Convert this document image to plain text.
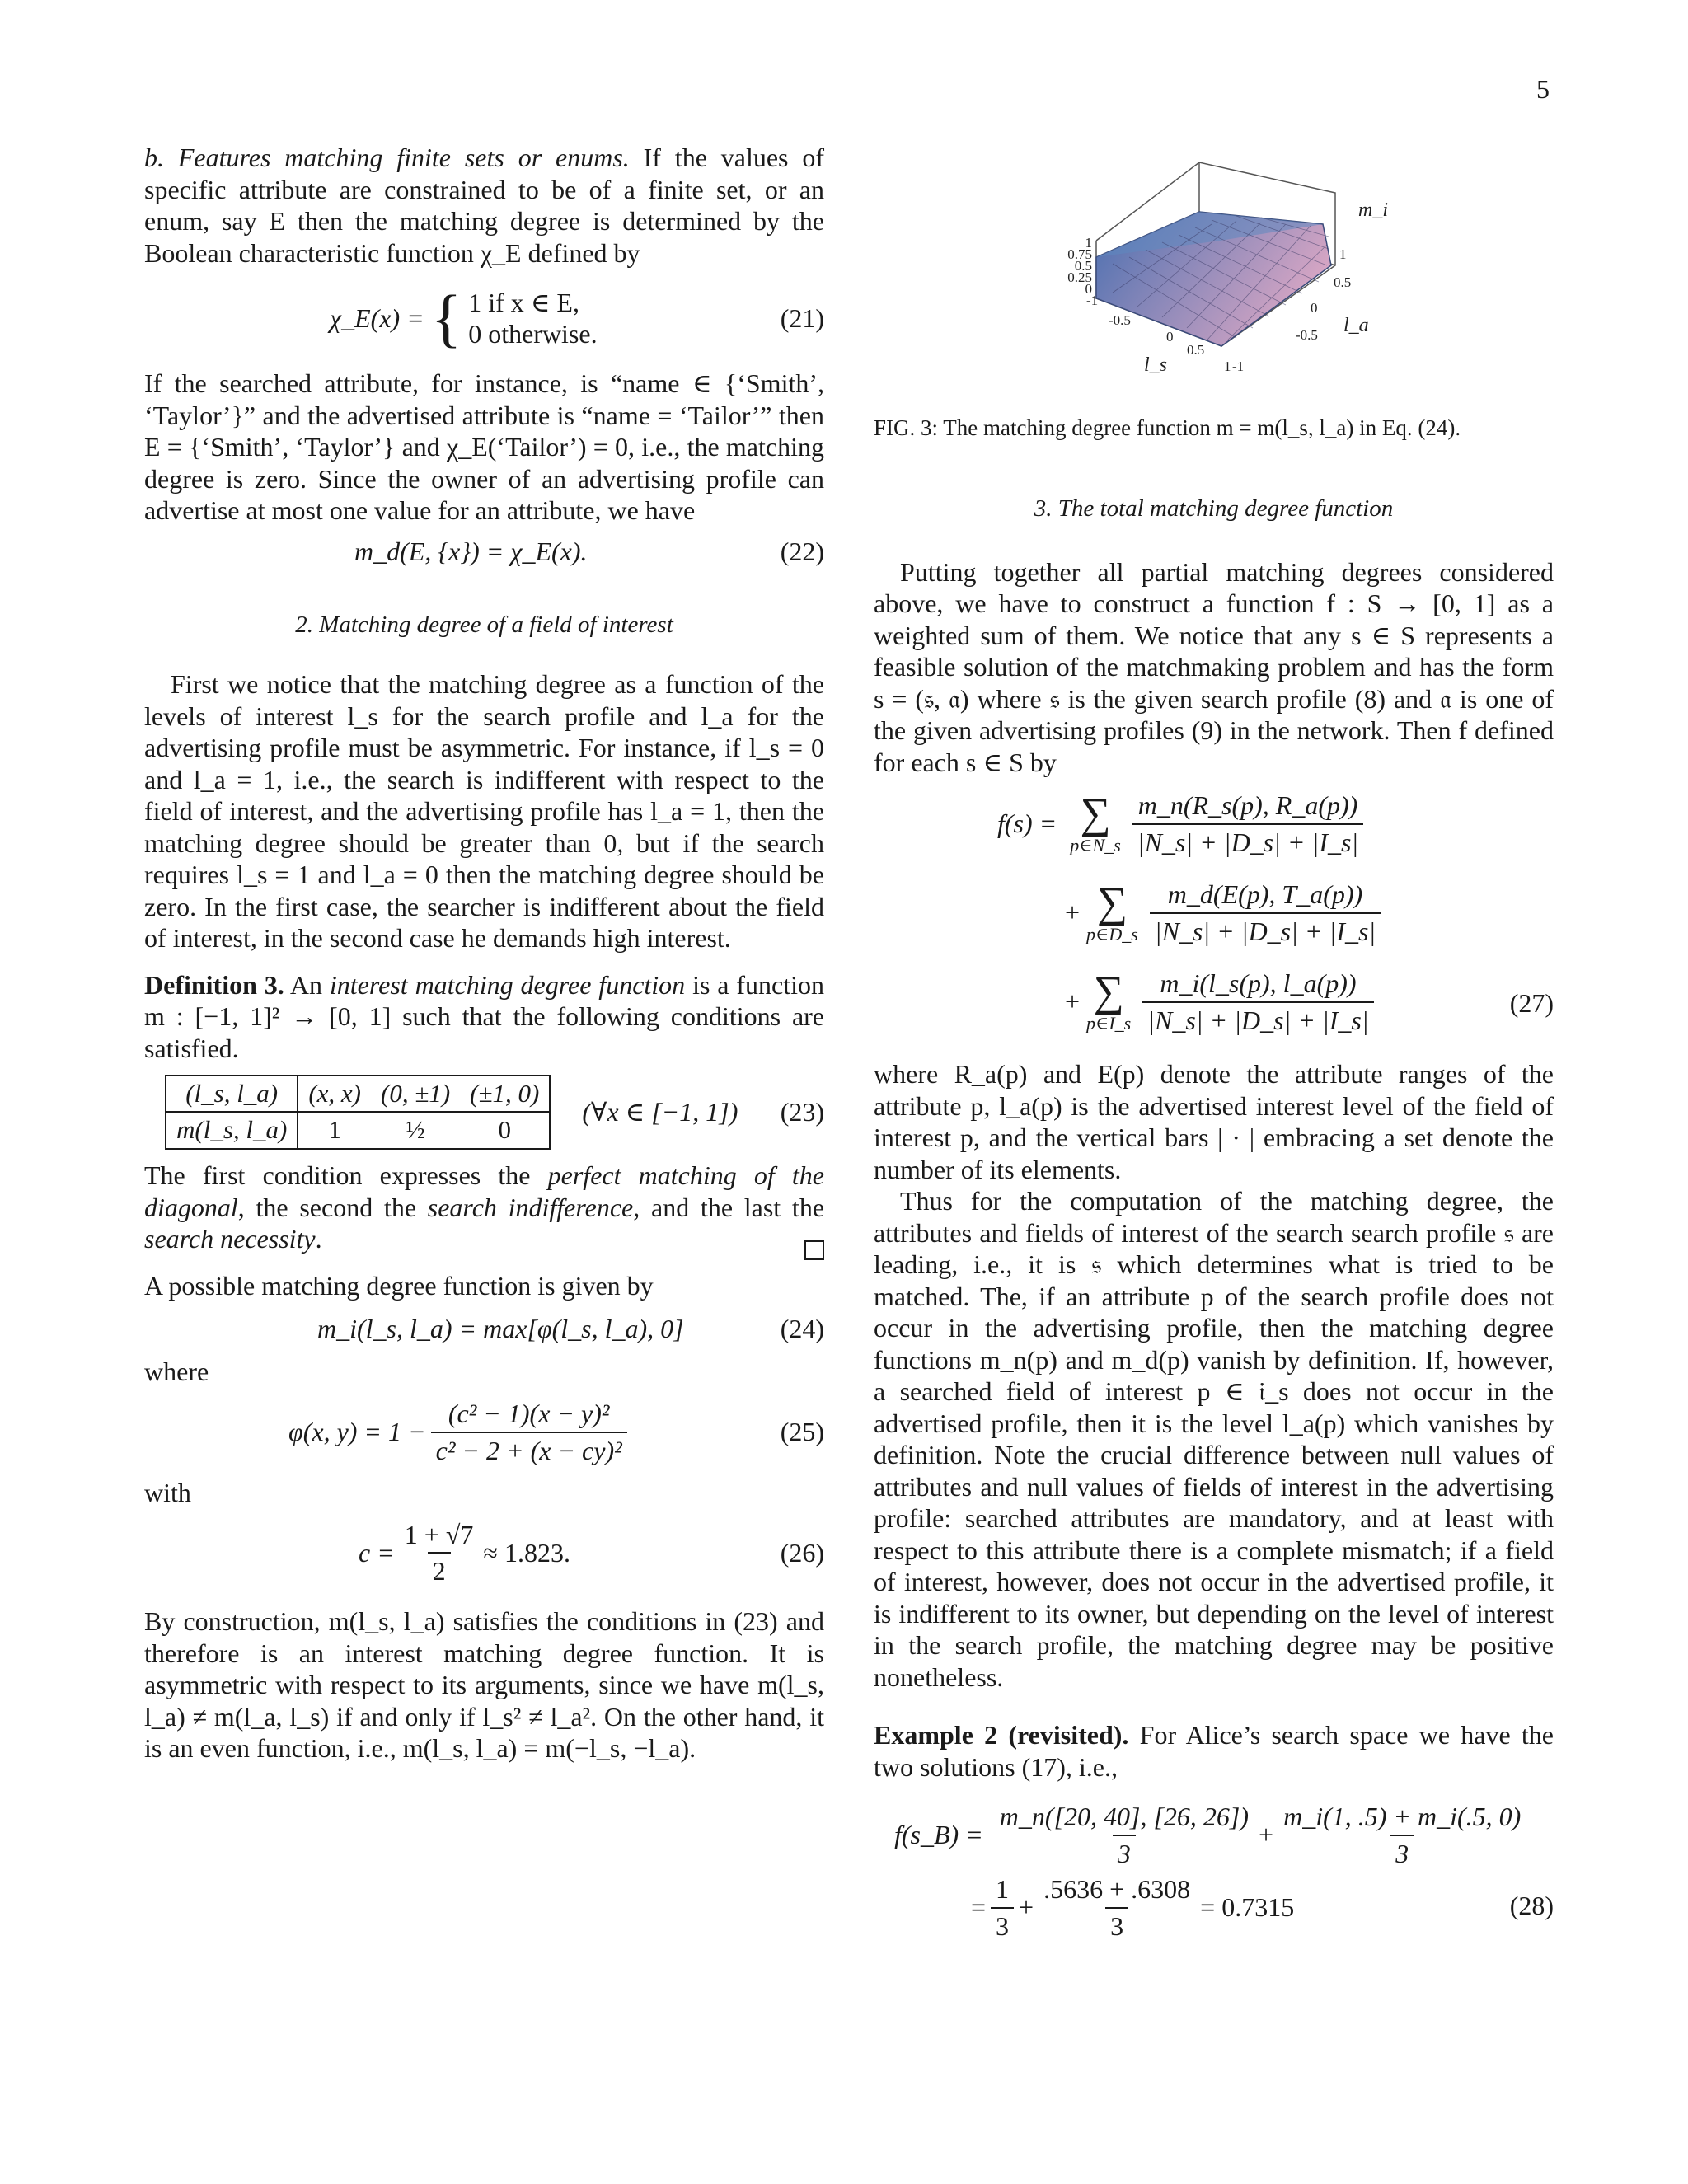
5

b. Features matching finite sets or enums. If the values of specific attribute are constrained to be of a finite set, or an enum, say E then the matching degree is determined by the Boolean characteristic function χ_E defined by

χ_E(x) = { 1 if x ∈ E,
0 otherwise.
(21)

If the searched attribute, for instance, is “name ∈ {‘Smith’, ‘Taylor’}” and the advertised attribute is “name = ‘Tailor’” then E = {‘Smith’, ‘Taylor’} and χ_E(‘Tailor’) = 0, i.e., the matching degree is zero. Since the owner of an advertising profile can advertise at most one value for an attribute, we have

m_d(E, {x}) = χ_E(x).	(22)

2. Matching degree of a field of interest

First we notice that the matching degree as a function of the levels of interest l_s for the search profile and l_a for the advertising profile must be asymmetric. For instance, if l_s = 0 and l_a = 1, i.e., the search is indifferent with respect to the field of interest, and the advertising profile has l_a = 1, then the matching degree should be greater than 0, but if the search requires l_s = 1 and l_a = 0 then the matching degree should be zero. In the first case, the searcher is indifferent about the field of interest, in the second case he demands high interest.

Definition 3. An interest matching degree function is a function m : [−1, 1]² → [0, 1] such that the following conditions are satisfied.

(l_s, l_a)	(x, x)	(0, ±1)	(±1, 0)
m(l_s, l_a)	1	½	0
(∀x ∈ [−1, 1]) (23)

The first condition expresses the perfect matching of the diagonal, the second the search indifference, and the last the search necessity.

A possible matching degree function is given by

m_i(l_s, l_a) = max[φ(l_s, l_a), 0]	(24)

where

φ(x, $y) = 1 - \frac{\text{(c² − 1)(x − y)²}}{\text{c² − 2 + (x − cy)²}}$	(25)

with

$c = \frac{1 + √7}{2} \approx 1.823$.	(26)

By construction, m(l_s, l_a) satisfies the conditions in (23) and therefore is an interest matching degree function. It is asymmetric with respect to its arguments, since we have m(l_s, l_a) ≠ m(l_a, l_s) if and only if l_s² ≠ l_a². On the other hand, it is an even function, i.e., m(l_s, l_a) = m(−l_s, −l_a).

1
0.75
0.5
0.25
0
-1
-0.5
0
0.5
1 -1
-0.5
0
0.5
1
m_i
l_s
l_a

FIG. 3: The matching degree function m = m(l_s, l_a) in Eq. (24).

3. The total matching degree function

Putting together all partial matching degrees considered above, we have to construct a function f : S → [0, 1] as a weighted sum of them. We notice that any s ∈ S represents a feasible solution of the matchmaking problem and has the form s = (𝔰, 𝔞) where 𝔰 is the given search profile (8) and 𝔞 is one of the given advertising profiles (9) in the network. Then f defined for each s ∈ S by

f(s) = ∑
p∈N_s $\frac{m\_n(R\_s(p), R\_a(p))}{|N\_s| + |D\_s| + |I\_s|}$
+ ∑
p∈D_s $\frac{m\_d(E(p), T\_a(p))}{|N\_s| + |D\_s| + |I\_s|}$
+ ∑
p∈I_s $\frac{m\_i(l\_s(p), l\_a(p))}{|N\_s| + |D\_s| + |I\_s|}$	(27)

where R_a(p) and E(p) denote the attribute ranges of the attribute p, l_a(p) is the advertised interest level of the field of interest p, and the vertical bars | · | embracing a set denote the number of its elements.

Thus for the computation of the matching degree, the attributes and fields of interest of the search search profile 𝔰 are leading, i.e., it is 𝔰 which determines what is tried to be matched. The, if an attribute p of the search profile does not occur in the advertising profile, then the matching degree functions m_n(p) and m_d(p) vanish by definition. If, however, a searched field of interest p ∈ 𝔦_s does not occur in the advertised profile, then it is the level l_a(p) which vanishes by definition. Note the crucial difference between null values of attributes and null values of fields of interest in the advertising profile: searched attributes are mandatory, and at least with respect to this attribute there is a complete mismatch; if a field of interest, however, does not occur in the advertised profile, it is indifferent to its owner, but depending on the level of interest in the search profile, the matching degree may be positive nonetheless.

Example 2 (revisited). For Alice’s search space we have the two solutions (17), i.e.,

f(s_B) = $\frac{m\_n([20, 40], [26, 26])}{3} + \frac{m\_i(1, .5) + m\_i(.5, 0)}{3}$
= $\frac{1}{3} + \frac{.5636 + .6308}{3} = 0.7315$	(28)
